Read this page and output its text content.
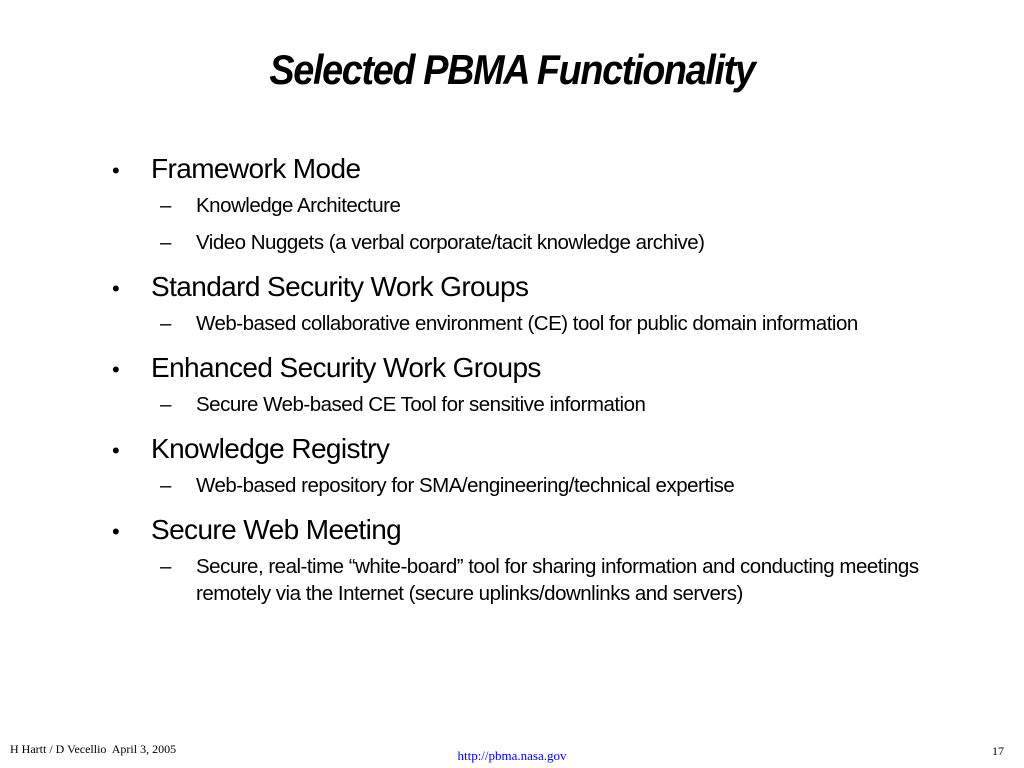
Selected PBMA Functionality
•	Framework Mode
–	Knowledge Architecture
–	Video Nuggets (a verbal corporate/tacit knowledge archive)
•	Standard Security Work Groups
–	Web-based collaborative environment (CE) tool for public domain information
•	Enhanced Security Work Groups
–	Secure Web-based CE Tool for sensitive information
•	Knowledge Registry
–	Web-based repository for SMA/engineering/technical expertise
•	Secure Web Meeting
–	Secure, real-time “white-board” tool for sharing information and conducting meetings remotely via the Internet (secure uplinks/downlinks and servers)
H Hartt / D Vecellio  April 3, 2005	http://pbma.nasa.gov	17
